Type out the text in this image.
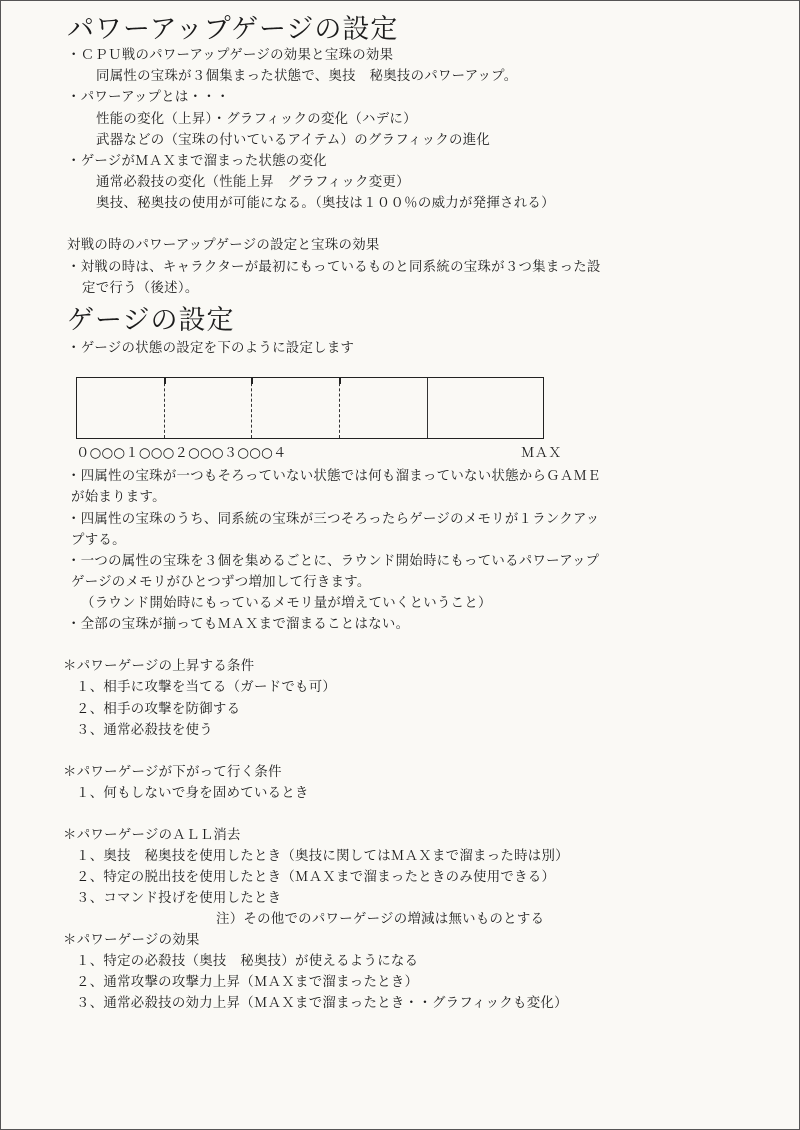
パワーアップゲージの設定
・ＣＰＵ戦のパワーアップゲージの効果と宝珠の効果
同属性の宝珠が３個集まった状態で、奥技　秘奥技のパワーアップ。
・パワーアップとは・・・
性能の変化（上昇）・グラフィックの変化（ハデに）
武器などの（宝珠の付いているアイテム）のグラフィックの進化
・ゲージがＭＡＸまで溜まった状態の変化
通常必殺技の変化（性能上昇　グラフィック変更）
奥技、秘奥技の使用が可能になる。（奥技は１００％の威力が発揮される）
対戦の時のパワーアップゲージの設定と宝珠の効果
・対戦の時は、キャラクターが最初にもっているものと同系統の宝珠が３つ集まった設
定で行う（後述）。
ゲージの設定
・ゲージの状態の設定を下のように設定します
０○○○１○○○２○○○３○○○４	ＭＡＸ
・四属性の宝珠が一つもそろっていない状態では何も溜まっていない状態からＧＡＭＥ
が始まります。
・四属性の宝珠のうち、同系統の宝珠が三つそろったらゲージのメモリが１ランクアッ
プする。
・一つの属性の宝珠を３個を集めるごとに、ラウンド開始時にもっているパワーアップ
ゲージのメモリがひとつずつ増加して行きます。
（ラウンド開始時にもっているメモリ量が増えていくということ）
・全部の宝珠が揃ってもＭＡＸまで溜まることはない。
＊パワーゲージの上昇する条件
１、相手に攻撃を当てる（ガードでも可）
２、相手の攻撃を防御する
３、通常必殺技を使う
＊パワーゲージが下がって行く条件
１、何もしないで身を固めているとき
＊パワーゲージのＡＬＬ消去
１、奥技　秘奥技を使用したとき（奥技に関してはＭＡＸまで溜まった時は別）
２、特定の脱出技を使用したとき（ＭＡＸまで溜まったときのみ使用できる）
３、コマンド投げを使用したとき
注）その他でのパワーゲージの増減は無いものとする
＊パワーゲージの効果
１、特定の必殺技（奥技　秘奥技）が使えるようになる
２、通常攻撃の攻撃力上昇（ＭＡＸまで溜まったとき）
３、通常必殺技の効力上昇（ＭＡＸまで溜まったとき・・グラフィックも変化）
